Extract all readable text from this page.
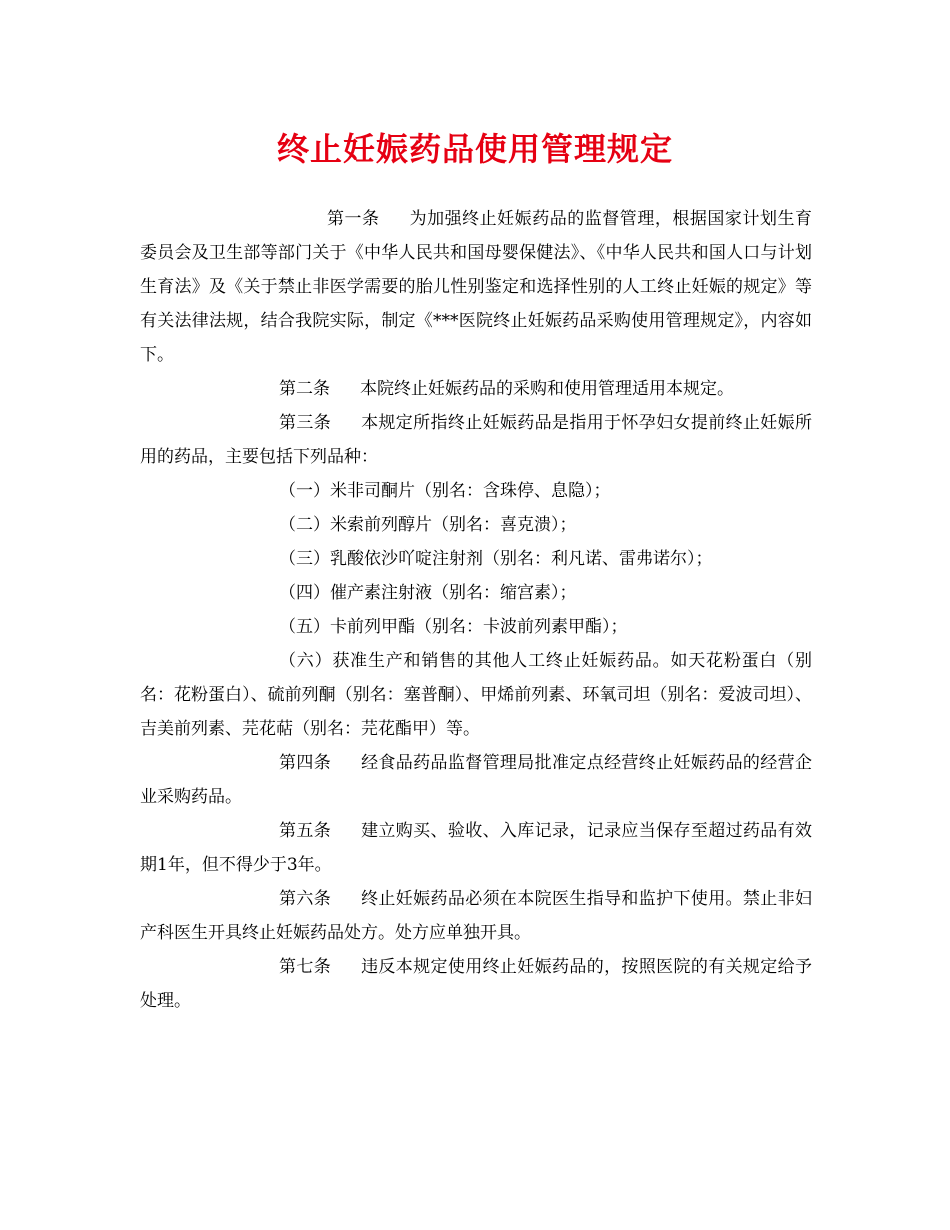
终止妊娠药品使用管理规定

第一条 为加强终止妊娠药品的监督管理，根据国家计划生育委员会及卫生部等部门关于《中华人民共和国母婴保健法》、《中华人民共和国人口与计划生育法》及《关于禁止非医学需要的胎儿性别鉴定和选择性别的人工终止妊娠的规定》等有关法律法规，结合我院实际，制定《***医院终止妊娠药品采购使用管理规定》，内容如下。

第二条 本院终止妊娠药品的采购和使用管理适用本规定。

第三条 本规定所指终止妊娠药品是指用于怀孕妇女提前终止妊娠所用的药品，主要包括下列品种：

（一）米非司酮片（别名：含珠停、息隐）；

（二）米索前列醇片（别名：喜克溃）；

（三）乳酸依沙吖啶注射剂（别名：利凡诺、雷弗诺尔）；

（四）催产素注射液（别名：缩宫素）；

（五）卡前列甲酯（别名：卡波前列素甲酯）；

（六）获准生产和销售的其他人工终止妊娠药品。如天花粉蛋白（别名：花粉蛋白）、硫前列酮（别名：塞普酮）、甲烯前列素、环氧司坦（别名：爱波司坦）、吉美前列素、芫花萜（别名：芫花酯甲）等。

第四条 经食品药品监督管理局批准定点经营终止妊娠药品的经营企业采购药品。

第五条 建立购买、验收、入库记录，记录应当保存至超过药品有效期1年，但不得少于3年。

第六条 终止妊娠药品必须在本院医生指导和监护下使用。禁止非妇产科医生开具终止妊娠药品处方。处方应单独开具。

第七条 违反本规定使用终止妊娠药品的，按照医院的有关规定给予处理。
